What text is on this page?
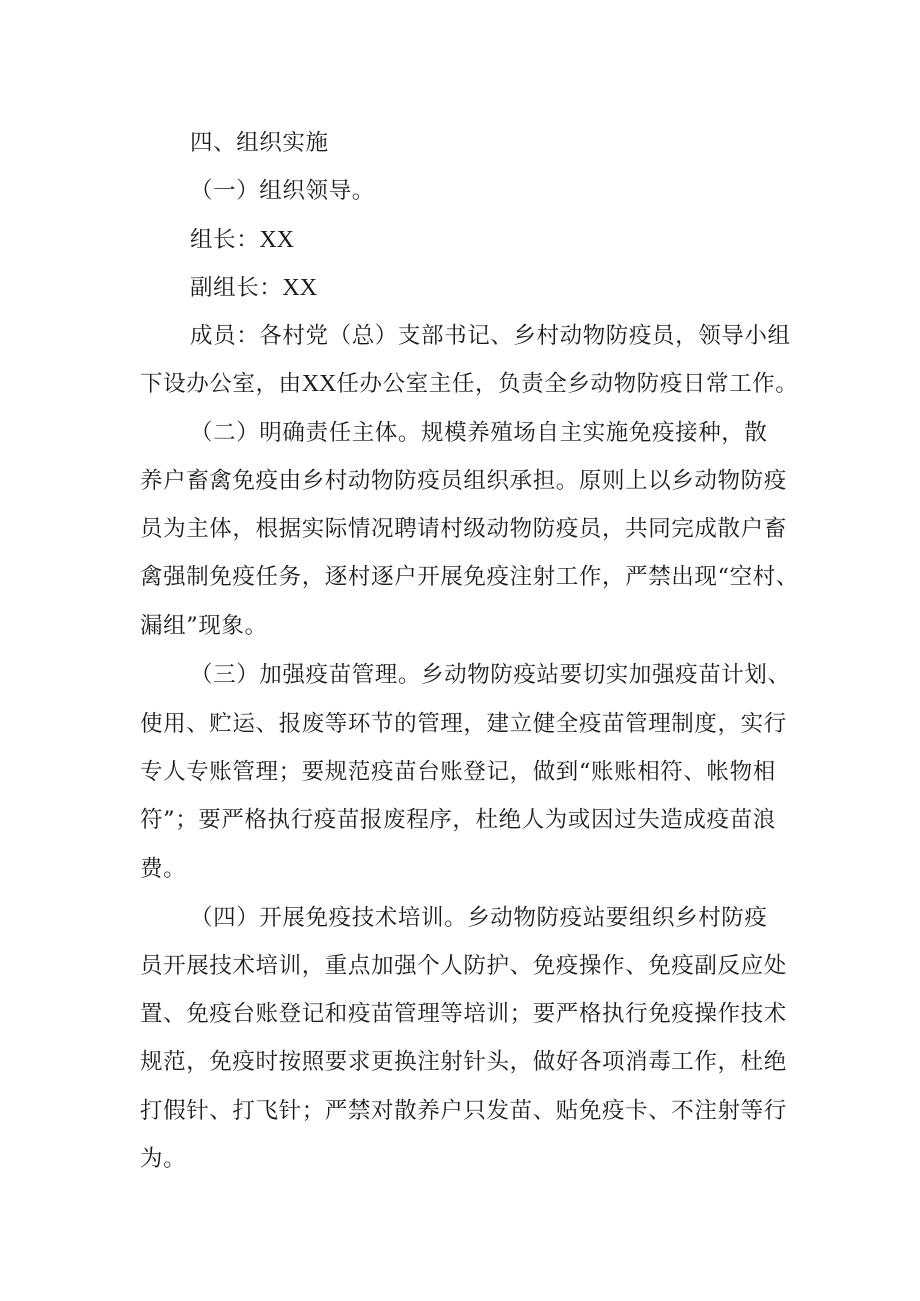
四、组织实施
（一）组织领导。
组长：XX
副组长：XX
成员：各村党（总）支部书记、乡村动物防疫员，领导小组
下设办公室，由XX任办公室主任，负责全乡动物防疫日常工作。
（二）明确责任主体。规模养殖场自主实施免疫接种，散
养户畜禽免疫由乡村动物防疫员组织承担。原则上以乡动物防疫
员为主体，根据实际情况聘请村级动物防疫员，共同完成散户畜
禽强制免疫任务，逐村逐户开展免疫注射工作，严禁出现“空村、
漏组”现象。
（三）加强疫苗管理。乡动物防疫站要切实加强疫苗计划、
使用、贮运、报废等环节的管理，建立健全疫苗管理制度，实行
专人专账管理；要规范疫苗台账登记，做到“账账相符、帐物相
符”；要严格执行疫苗报废程序，杜绝人为或因过失造成疫苗浪
费。
（四）开展免疫技术培训。乡动物防疫站要组织乡村防疫
员开展技术培训，重点加强个人防护、免疫操作、免疫副反应处
置、免疫台账登记和疫苗管理等培训；要严格执行免疫操作技术
规范，免疫时按照要求更换注射针头，做好各项消毒工作，杜绝
打假针、打飞针；严禁对散养户只发苗、贴免疫卡、不注射等行
为。
